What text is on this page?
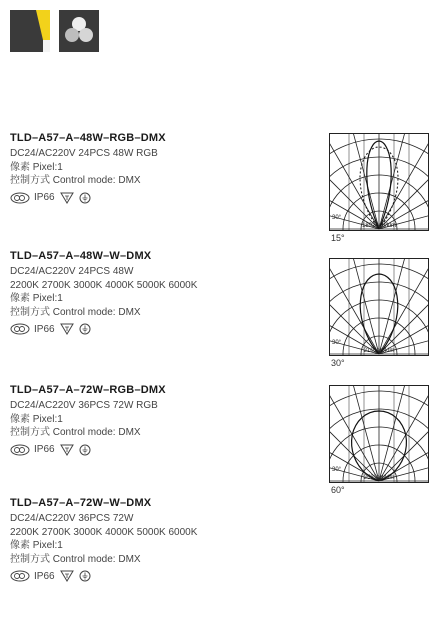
TLD–A57–A–48W–RGB–DMX
DC24/AC220V 24PCS 48W RGB
像素 Pixel:1
控制方式 Control mode: DMX
IP66
30°
18926cd/klm
15°
TLD–A57–A–48W–W–DMX
DC24/AC220V 24PCS 48W
2200K 2700K 3000K 4000K 5000K 6000K
像素 Pixel:1
控制方式 Control mode: DMX
IP66
30°
2101cd/klm
30°
TLD–A57–A–72W–RGB–DMX
DC24/AC220V 36PCS 72W RGB
像素 Pixel:1
控制方式 Control mode: DMX
IP66
30°
2523cd/klm
60°
TLD–A57–A–72W–W–DMX
DC24/AC220V 36PCS 72W
2200K 2700K 3000K 4000K 5000K 6000K
像素 Pixel:1
控制方式 Control mode: DMX
IP66
